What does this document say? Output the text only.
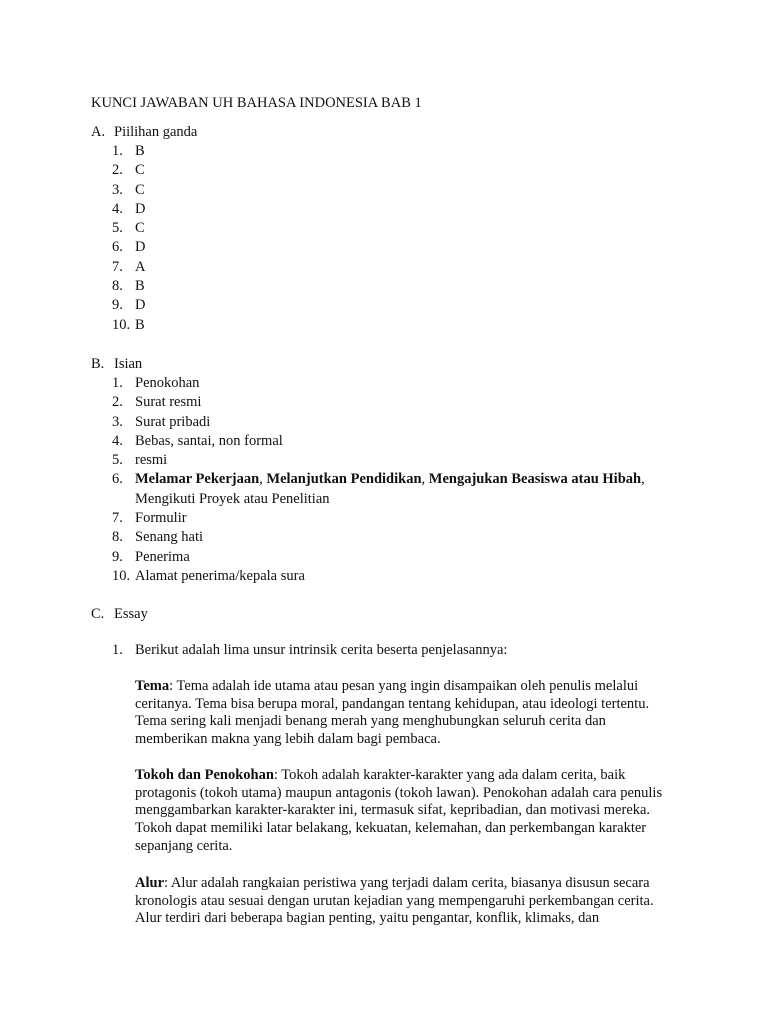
KUNCI JAWABAN UH BAHASA INDONESIA BAB 1
A. Piilihan ganda
1. B
2. C
3. C
4. D
5. C
6. D
7. A
8. B
9. D
10. B
B. Isian
1. Penokohan
2. Surat resmi
3. Surat pribadi
4. Bebas, santai, non formal
5. resmi
6. Melamar Pekerjaan, Melanjutkan Pendidikan, Mengajukan Beasiswa atau Hibah,
Mengikuti Proyek atau Penelitian
7. Formulir
8. Senang hati
9. Penerima
10. Alamat penerima/kepala sura
C. Essay
1. Berikut adalah lima unsur intrinsik cerita beserta penjelasannya:
Tema: Tema adalah ide utama atau pesan yang ingin disampaikan oleh penulis melalui ceritanya. Tema bisa berupa moral, pandangan tentang kehidupan, atau ideologi tertentu. Tema sering kali menjadi benang merah yang menghubungkan seluruh cerita dan memberikan makna yang lebih dalam bagi pembaca.
Tokoh dan Penokohan: Tokoh adalah karakter-karakter yang ada dalam cerita, baik protagonis (tokoh utama) maupun antagonis (tokoh lawan). Penokohan adalah cara penulis menggambarkan karakter-karakter ini, termasuk sifat, kepribadian, dan motivasi mereka. Tokoh dapat memiliki latar belakang, kekuatan, kelemahan, dan perkembangan karakter sepanjang cerita.
Alur: Alur adalah rangkaian peristiwa yang terjadi dalam cerita, biasanya disusun secara kronologis atau sesuai dengan urutan kejadian yang mempengaruhi perkembangan cerita. Alur terdiri dari beberapa bagian penting, yaitu pengantar, konflik, klimaks, dan
